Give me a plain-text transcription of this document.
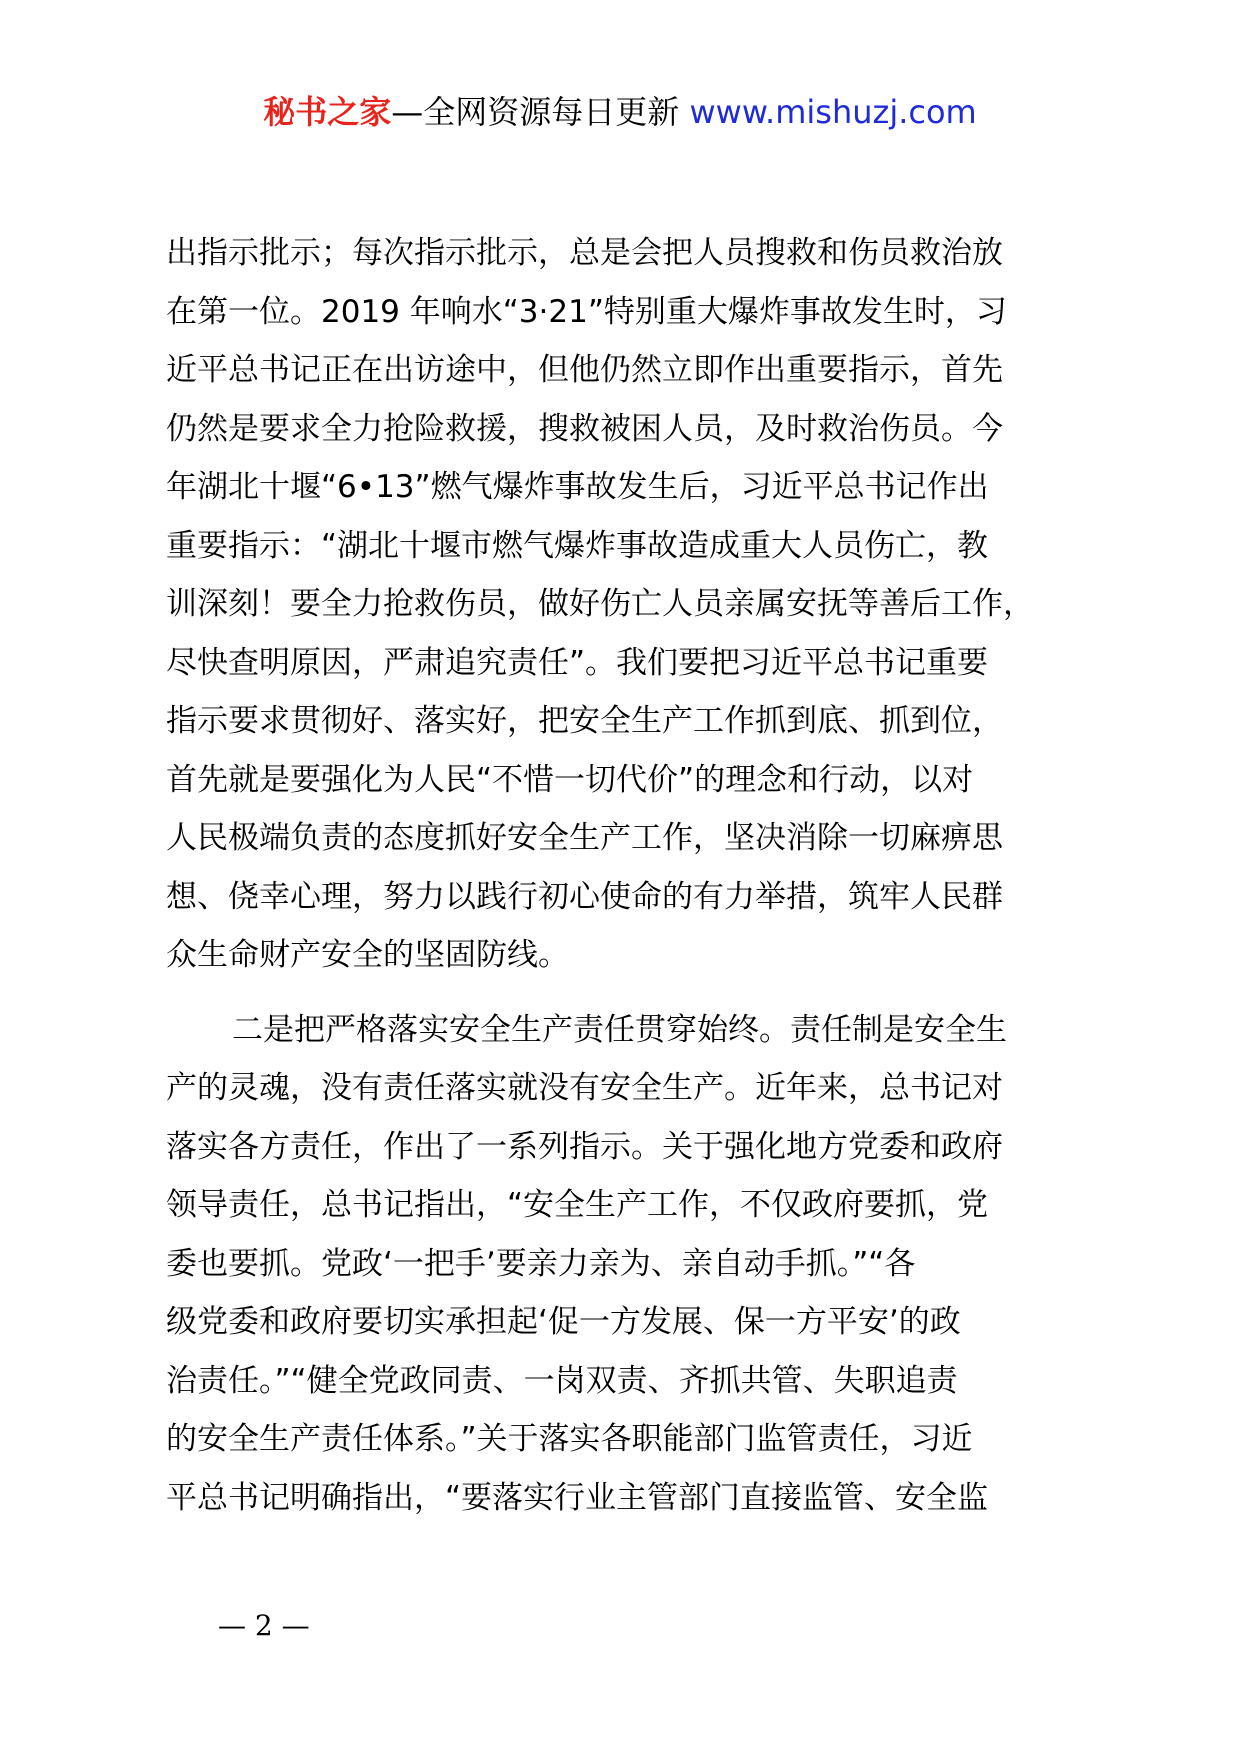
秘书之家—全网资源每日更新 www.mishuzj.com
出指示批示；每次指示批示，总是会把人员搜救和伤员救治放
在第一位。2019 年响水“3·21”特别重大爆炸事故发生时，习
近平总书记正在出访途中，但他仍然立即作出重要指示，首先
仍然是要求全力抢险救援，搜救被困人员，及时救治伤员。今
年湖北十堰“6•13”燃气爆炸事故发生后，习近平总书记作出
重要指示：“湖北十堰市燃气爆炸事故造成重大人员伤亡，教
训深刻！要全力抢救伤员，做好伤亡人员亲属安抚等善后工作，
尽快查明原因，严肃追究责任”。我们要把习近平总书记重要
指示要求贯彻好、落实好，把安全生产工作抓到底、抓到位，
首先就是要强化为人民“不惜一切代价”的理念和行动，以对
人民极端负责的态度抓好安全生产工作，坚决消除一切麻痹思
想、侥幸心理，努力以践行初心使命的有力举措，筑牢人民群
众生命财产安全的坚固防线。
二是把严格落实安全生产责任贯穿始终。责任制是安全生
产的灵魂，没有责任落实就没有安全生产。近年来，总书记对
落实各方责任，作出了一系列指示。关于强化地方党委和政府
领导责任，总书记指出，“安全生产工作，不仅政府要抓，党
委也要抓。党政‘一把手’要亲力亲为、亲自动手抓。”“各
级党委和政府要切实承担起‘促一方发展、保一方平安’的政
治责任。”“健全党政同责、一岗双责、齐抓共管、失职追责
的安全生产责任体系。”关于落实各职能部门监管责任，习近
平总书记明确指出，“要落实行业主管部门直接监管、安全监
— 2 —
